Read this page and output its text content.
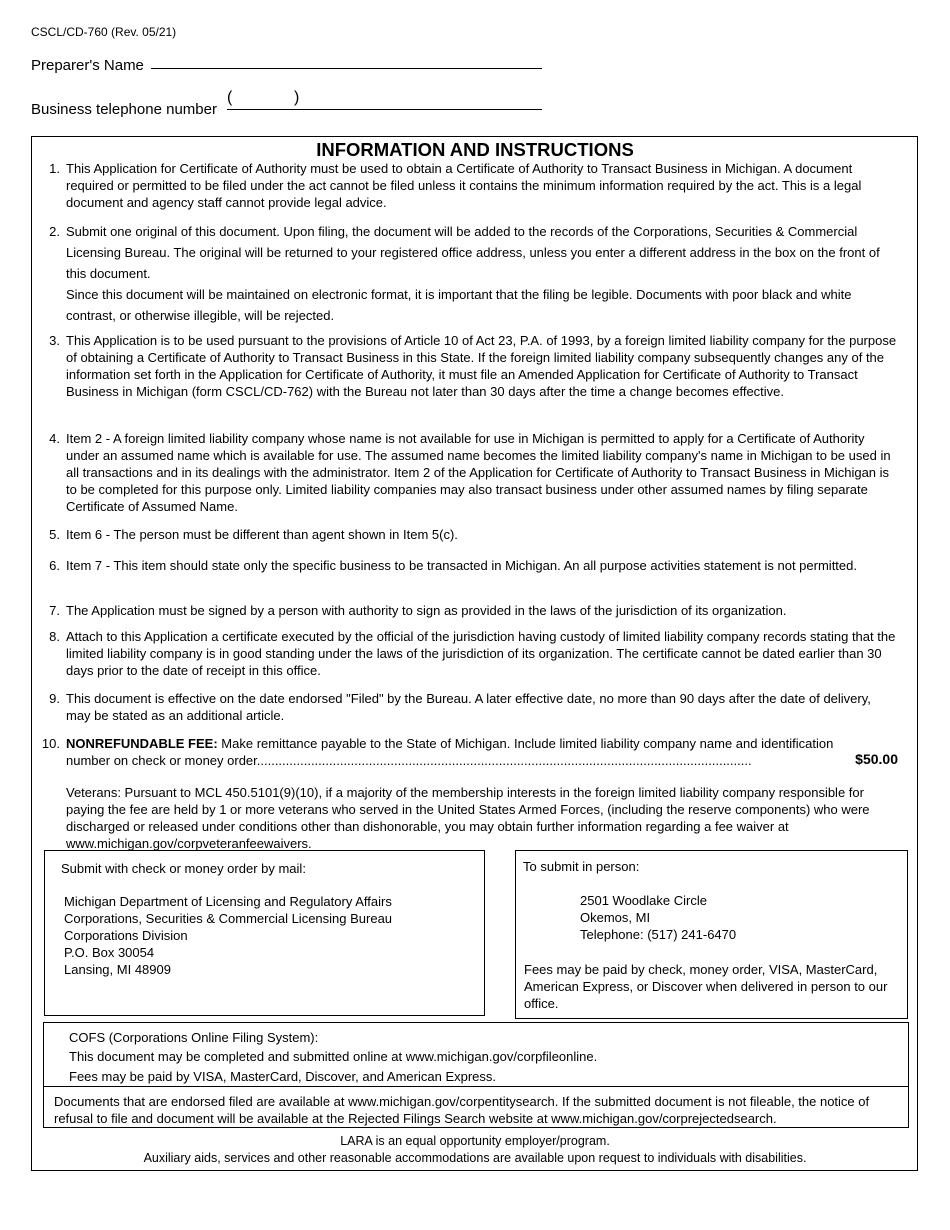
CSCL/CD-760 (Rev. 05/21)
Preparer's Name
Business telephone number
(	)
INFORMATION AND INSTRUCTIONS
1. This Application for Certificate of Authority must be used to obtain a Certificate of Authority to Transact Business in Michigan. A document required or permitted to be filed under the act cannot be filed unless it contains the minimum information required by the act. This is a legal document and agency staff cannot provide legal advice.
2. Submit one original of this document. Upon filing, the document will be added to the records of the Corporations, Securities & Commercial Licensing Bureau. The original will be returned to your registered office address, unless you enter a different address in the box on the front of this document.

Since this document will be maintained on electronic format, it is important that the filing be legible. Documents with poor black and white contrast, or otherwise illegible, will be rejected.

3. This Application is to be used pursuant to the provisions of Article 10 of Act 23, P.A. of 1993, by a foreign limited liability company for the purpose of obtaining a Certificate of Authority to Transact Business in this State. If the foreign limited liability company subsequently changes any of the information set forth in the Application for Certificate of Authority, it must file an Amended Application for Certificate of Authority to Transact Business in Michigan (form CSCL/CD-762) with the Bureau not later than 30 days after the time a change becomes effective.
4. Item 2 - A foreign limited liability company whose name is not available for use in Michigan is permitted to apply for a Certificate of Authority under an assumed name which is available for use. The assumed name becomes the limited liability company's name in Michigan to be used in all transactions and in its dealings with the administrator. Item 2 of the Application for Certificate of Authority to Transact Business in Michigan is to be completed for this purpose only. Limited liability companies may also transact business under other assumed names by filing separate Certificate of Assumed Name.
5. Item 6 - The person must be different than agent shown in Item 5(c).
6. Item 7 - This item should state only the specific business to be transacted in Michigan. An all purpose activities statement is not permitted.
7. The Application must be signed by a person with authority to sign as provided in the laws of the jurisdiction of its organization.
8. Attach to this Application a certificate executed by the official of the jurisdiction having custody of limited liability company records stating that the limited liability company is in good standing under the laws of the jurisdiction of its organization. The certificate cannot be dated earlier than 30 days prior to the date of receipt in this office.
9. This document is effective on the date endorsed "Filed" by the Bureau. A later effective date, no more than 90 days after the date of delivery, may be stated as an additional article.
10. NONREFUNDABLE FEE: Make remittance payable to the State of Michigan. Include limited liability company name and identification
number on check or money order.........................................................................................................................................	$50.00
Veterans: Pursuant to MCL 450.5101(9)(10), if a majority of the membership interests in the foreign limited liability company responsible for paying the fee are held by 1 or more veterans who served in the United States Armed Forces, (including the reserve components) who were discharged or released under conditions other than dishonorable, you may obtain further information regarding a fee waiver at www.michigan.gov/corpveteranfeewaivers.
Submit with check or money order by mail:
Michigan Department of Licensing and Regulatory Affairs
Corporations, Securities & Commercial Licensing Bureau
Corporations Division
P.O. Box 30054
Lansing, MI 48909
To submit in person:
2501 Woodlake Circle
Okemos, MI
Telephone: (517) 241-6470
Fees may be paid by check, money order, VISA, MasterCard, American Express, or Discover when delivered in person to our office.
COFS (Corporations Online Filing System):
This document may be completed and submitted online at www.michigan.gov/corpfileonline.
Fees may be paid by VISA, MasterCard, Discover, and American Express.
Documents that are endorsed filed are available at www.michigan.gov/corpentitysearch. If the submitted document is not fileable, the notice of refusal to file and document will be available at the Rejected Filings Search website at www.michigan.gov/corprejectedsearch.
LARA is an equal opportunity employer/program.
Auxiliary aids, services and other reasonable accommodations are available upon request to individuals with disabilities.
